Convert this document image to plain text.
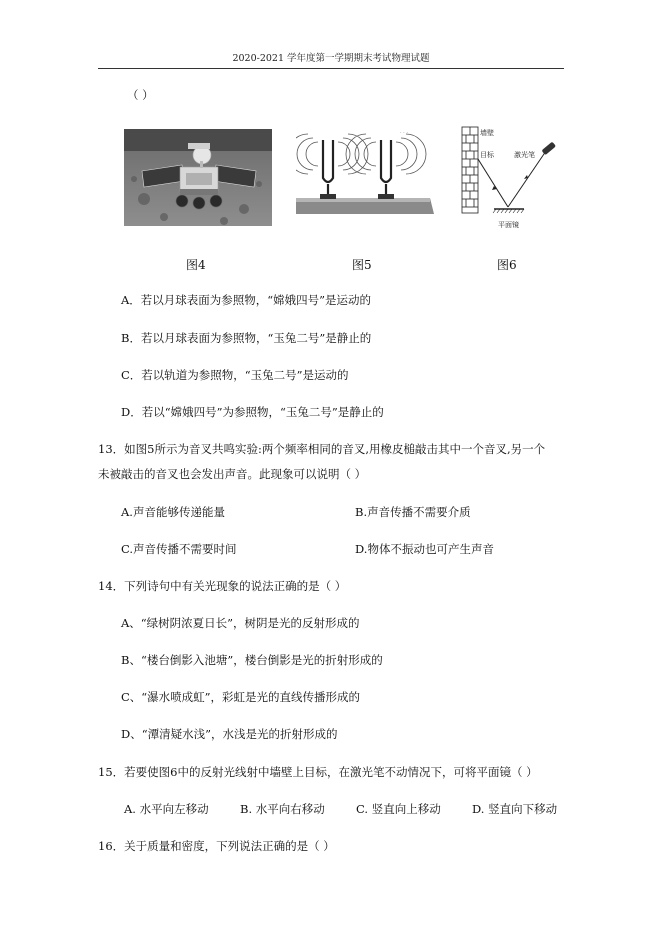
2020-2021 学年度第一学期期末考试物理试题
（ ）
· · ·	墙壁
目标	激光笔
平面镜
图4	图5	图6
A．若以月球表面为参照物，“嫦娥四号”是运动的
B．若以月球表面为参照物，“玉兔二号”是静止的
C．若以轨道为参照物，“玉兔二号”是运动的
D．若以“嫦娥四号”为参照物，“玉兔二号”是静止的
13．如图5所示为音叉共鸣实验:两个频率相同的音叉,用橡皮槌敲击其中一个音叉,另一个
未被敲击的音叉也会发出声音。此现象可以说明（ ）
A.声音能够传递能量	B.声音传播不需要介质
C.声音传播不需要时间	D.物体不振动也可产生声音
14．下列诗句中有关光现象的说法正确的是（ ）
A、“绿树阴浓夏日长”，树阴是光的反射形成的
B、“楼台倒影入池塘”，楼台倒影是光的折射形成的
C、“瀑水喷成虹”，彩虹是光的直线传播形成的
D、“潭清疑水浅”，水浅是光的折射形成的
15．若要使图6中的反射光线射中墙壁上目标，在激光笔不动情况下，可将平面镜（ ）
A. 水平向左移动	B. 水平向右移动	C. 竖直向上移动	D. 竖直向下移动
16．关于质量和密度，下列说法正确的是（ ）
